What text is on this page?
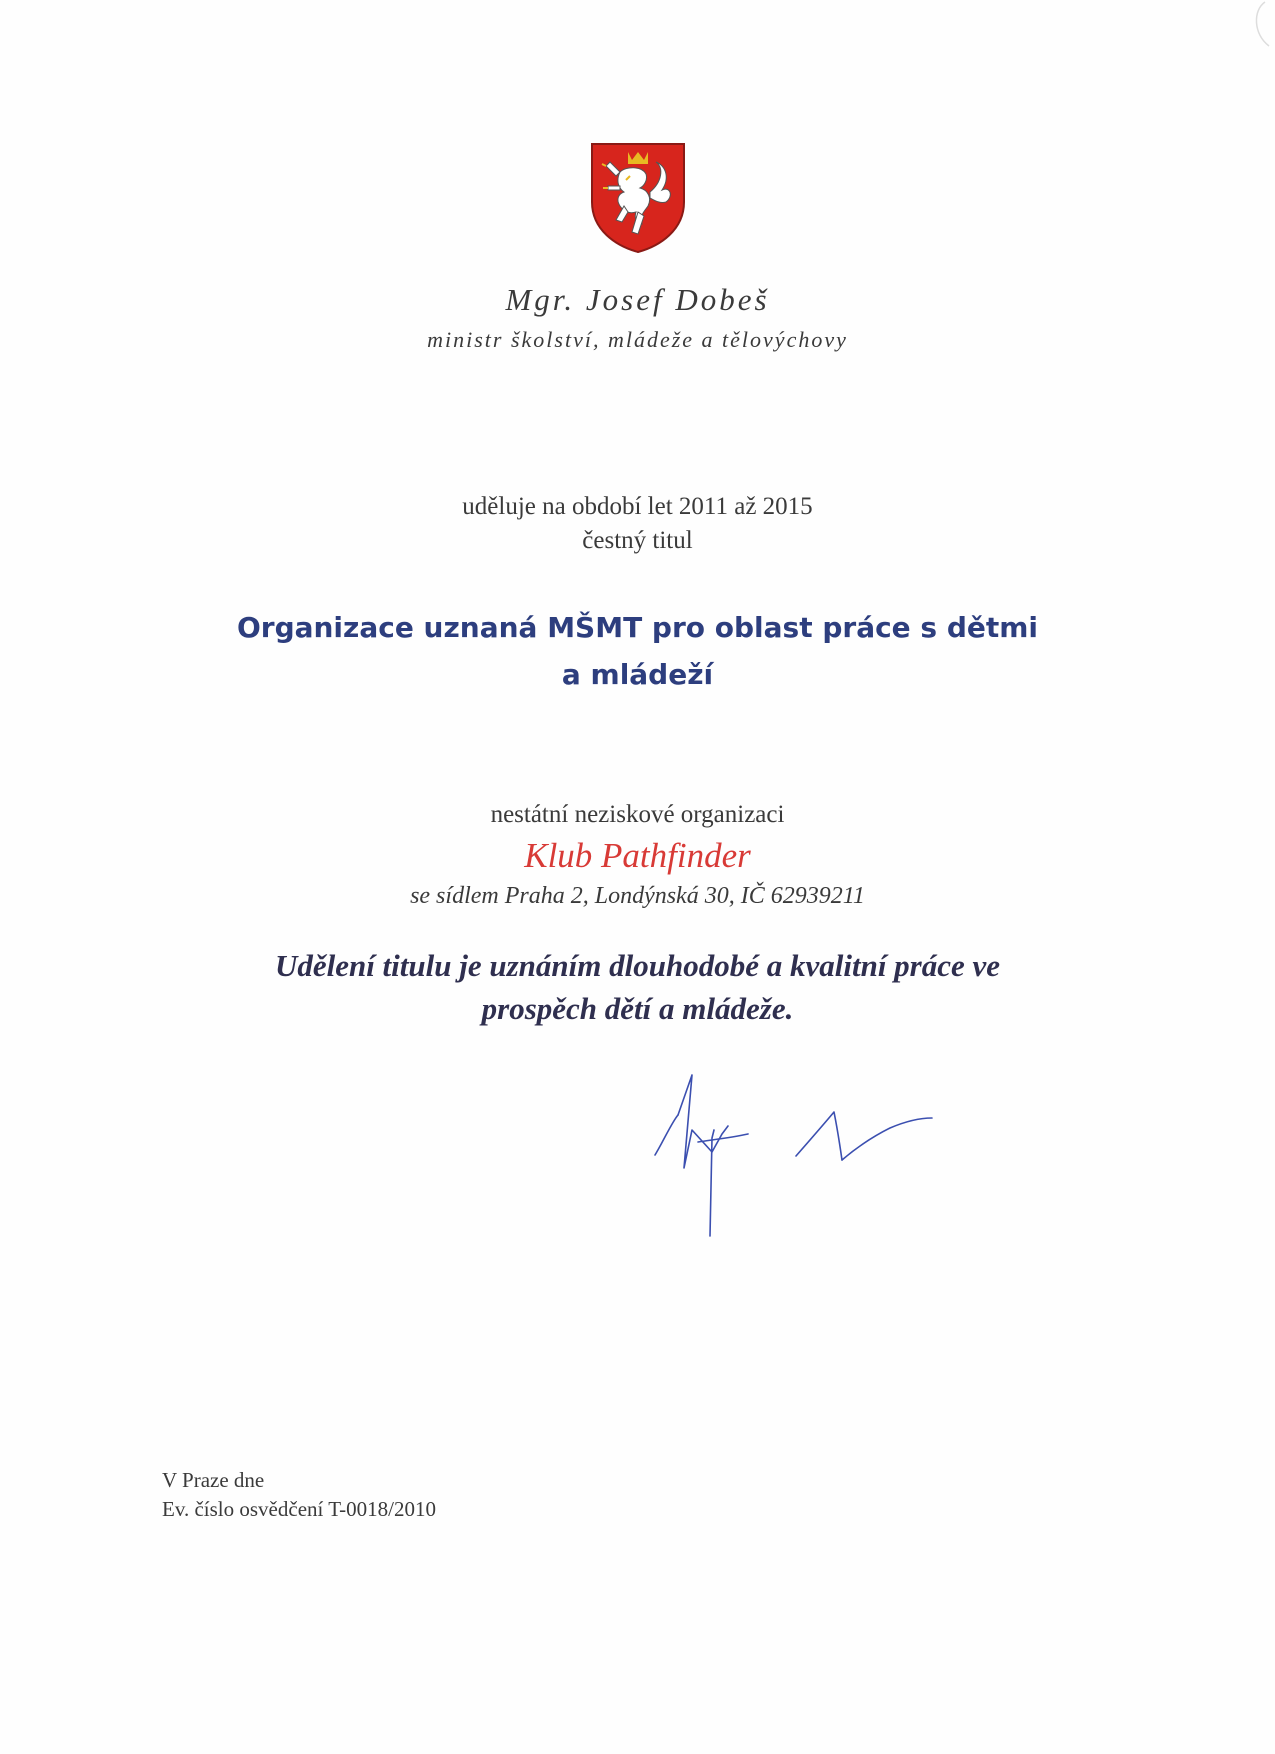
Mgr. Josef Dobeš
ministr školství, mládeže a tělovýchovy
uděluje na období let 2011 až 2015
čestný titul
Organizace uznaná MŠMT pro oblast práce s dětmi
a mládeží
nestátní neziskové organizaci
Klub Pathfinder
se sídlem Praha 2, Londýnská 30, IČ 62939211
Udělení titulu je uznáním dlouhodobé a kvalitní práce ve
prospěch dětí a mládeže.
V Praze dne
Ev. číslo osvědčení T-0018/2010
